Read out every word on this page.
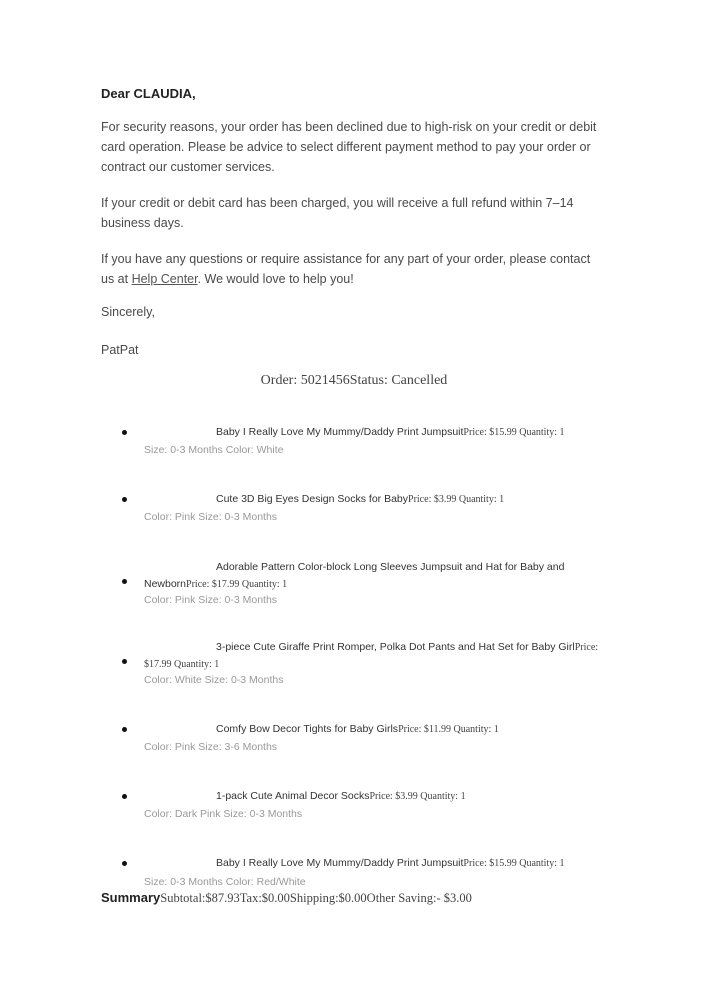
Dear CLAUDIA,
For security reasons, your order has been declined due to high-risk on your credit or debit card operation. Please be advice to select different payment method to pay your order or contract our customer services.
If your credit or debit card has been charged, you will receive a full refund within 7–14 business days.
If you have any questions or require assistance for any part of your order, please contact us at Help Center. We would love to help you!
Sincerely,
PatPat
Order: 5021456Status: Cancelled
Baby I Really Love My Mummy/Daddy Print JumpsuitPrice: $15.99 Quantity: 1
Size: 0-3 Months Color: White
Cute 3D Big Eyes Design Socks for BabyPrice: $3.99 Quantity: 1
Color: Pink Size: 0-3 Months
Adorable Pattern Color-block Long Sleeves Jumpsuit and Hat for Baby and NewbornPrice: $17.99 Quantity: 1
Color: Pink Size: 0-3 Months
3-piece Cute Giraffe Print Romper, Polka Dot Pants and Hat Set for Baby GirlPrice: $17.99 Quantity: 1
Color: White Size: 0-3 Months
Comfy Bow Decor Tights for Baby GirlsPrice: $11.99 Quantity: 1
Color: Pink Size: 3-6 Months
1-pack Cute Animal Decor SocksPrice: $3.99 Quantity: 1
Color: Dark Pink Size: 0-3 Months
Baby I Really Love My Mummy/Daddy Print JumpsuitPrice: $15.99 Quantity: 1
Size: 0-3 Months Color: Red/White
SummarySubtotal:$87.93Tax:$0.00Shipping:$0.00Other Saving:- $3.00
